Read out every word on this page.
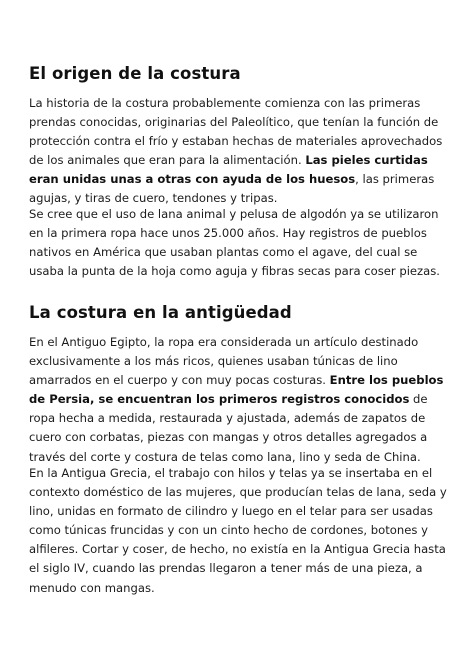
El origen de la costura

La historia de la costura probablemente comienza con las primeras prendas conocidas, originarias del Paleolítico, que tenían la función de protección contra el frío y estaban hechas de materiales aprovechados de los animales que eran para la alimentación. Las pieles curtidas eran unidas unas a otras con ayuda de los huesos, las primeras agujas, y tiras de cuero, tendones y tripas.

Se cree que el uso de lana animal y pelusa de algodón ya se utilizaron en la primera ropa hace unos 25.000 años. Hay registros de pueblos nativos en América que usaban plantas como el agave, del cual se usaba la punta de la hoja como aguja y fibras secas para coser piezas.

La costura en la antigüedad

En el Antiguo Egipto, la ropa era considerada un artículo destinado exclusivamente a los más ricos, quienes usaban túnicas de lino amarrados en el cuerpo y con muy pocas costuras. Entre los pueblos de Persia, se encuentran los primeros registros conocidos de ropa hecha a medida, restaurada y ajustada, además de zapatos de cuero con corbatas, piezas con mangas y otros detalles agregados a través del corte y costura de telas como lana, lino y seda de China.

En la Antigua Grecia, el trabajo con hilos y telas ya se insertaba en el contexto doméstico de las mujeres, que producían telas de lana, seda y lino, unidas en formato de cilindro y luego en el telar para ser usadas como túnicas fruncidas y con un cinto hecho de cordones, botones y alfileres. Cortar y coser, de hecho, no existía en la Antigua Grecia hasta el siglo IV, cuando las prendas llegaron a tener más de una pieza, a menudo con mangas.
